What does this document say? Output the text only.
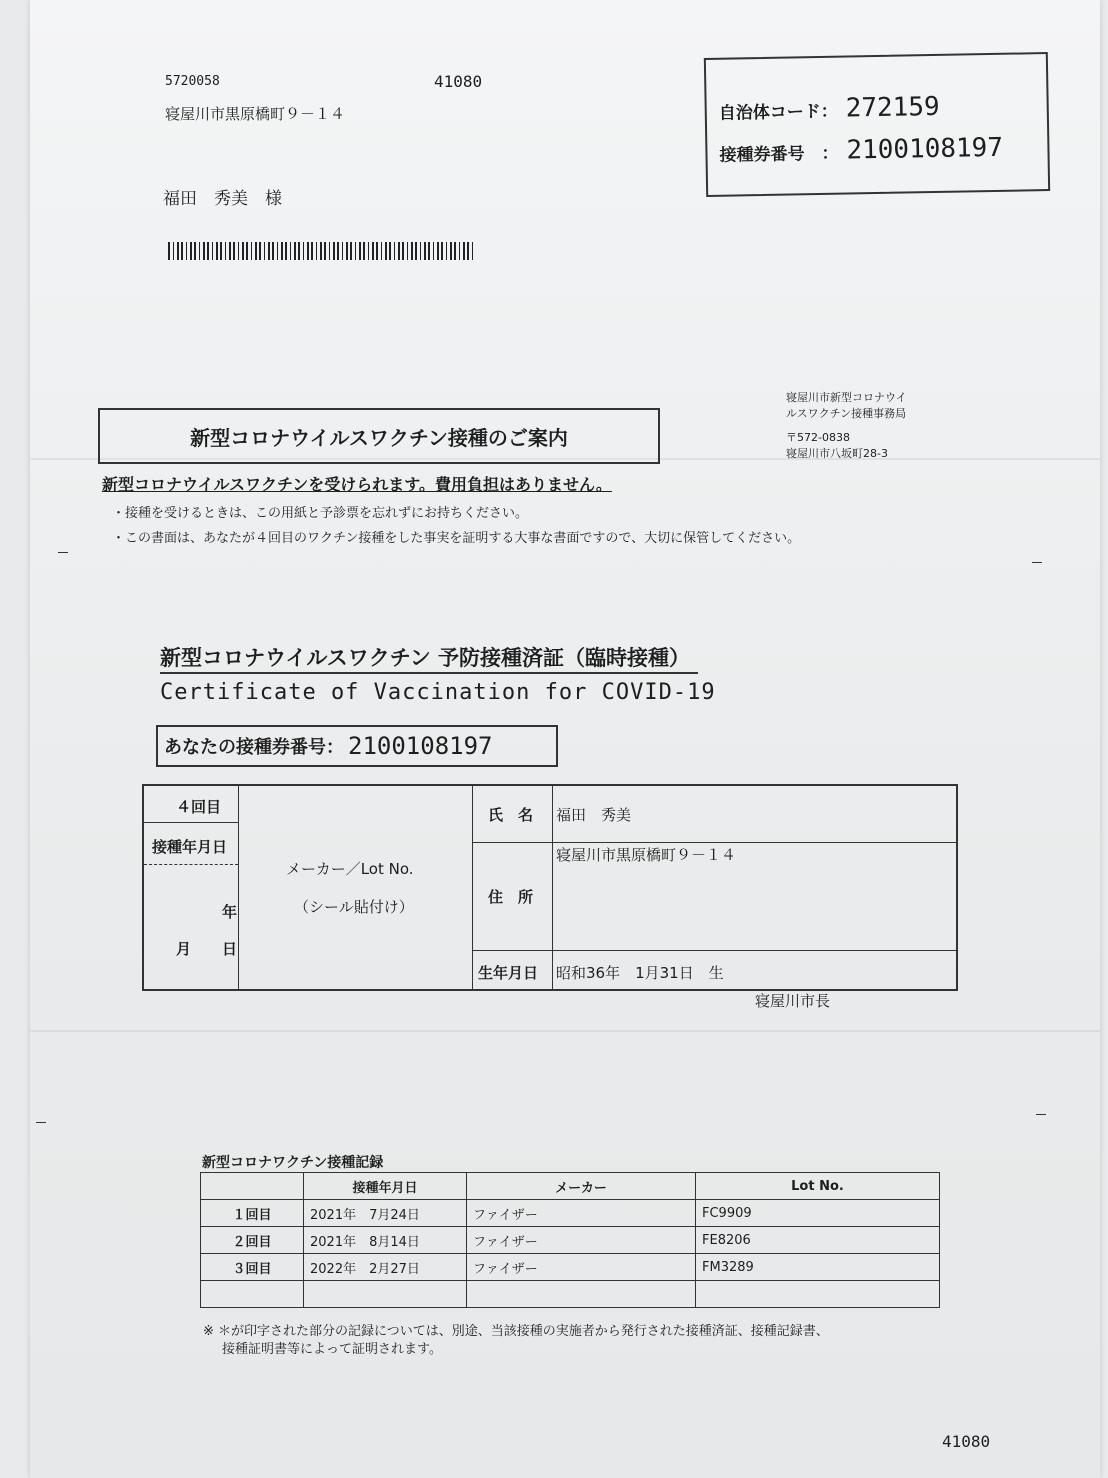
5720058	41080
寝屋川市黒原橋町９－１４
福田　秀美　様
自治体コード： 272159
接種券番号　： 2100108197
寝屋川市新型コロナウイ
ルスワクチン接種事務局
〒572-0838
寝屋川市八坂町28-3
新型コロナウイルスワクチン接種のご案内
新型コロナウイルスワクチンを受けられます。費用負担はありません。
・接種を受けるときは、この用紙と予診票を忘れずにお持ちください。
・この書面は、あなたが４回目のワクチン接種をした事実を証明する大事な書面ですので、大切に保管してください。
新型コロナウイルスワクチン 予防接種済証（臨時接種）
Certificate of Vaccination for COVID-19
あなたの接種券番号： 2100108197
４回目
接種年月日
年
月 日
メーカー／Lot No.
（シール貼付け）
氏　名 福田　秀美
住　所
寝屋川市黒原橋町９－１４
生年月日 昭和36年　1月31日　生
寝屋川市長
新型コロナワクチン接種記録
	接種年月日	メーカー	Lot No.
１回目	2021年　7月24日	ファイザー	FC9909
２回目	2021年　8月14日	ファイザー	FE8206
３回目	2022年　2月27日	ファイザー	FM3289

※ ＊が印字された部分の記録については、別途、当該接種の実施者から発行された接種済証、接種記録書、
接種証明書等によって証明されます。
41080
